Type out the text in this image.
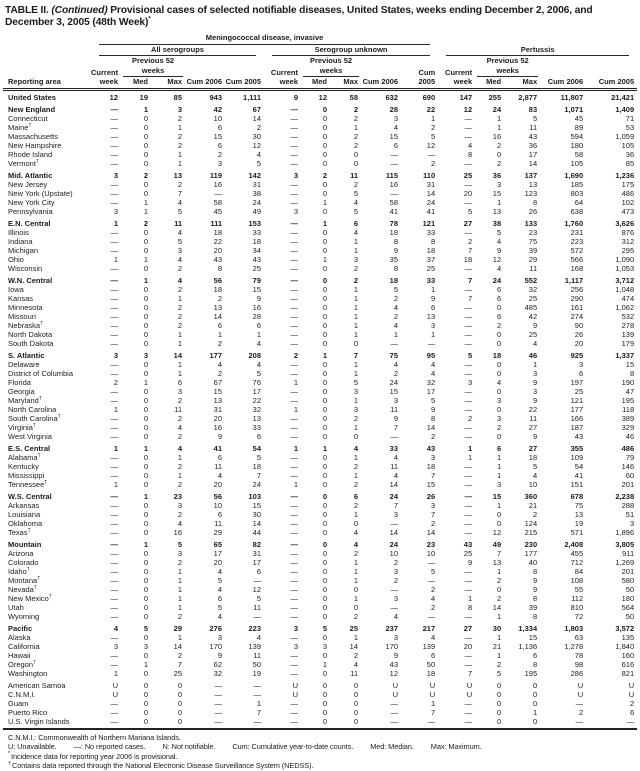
TABLE II. (Continued) Provisional cases of selected notifiable diseases, United States, weeks ending December 2, 2006, and December 3, 2005 (48th Week)*
Reporting area	Meningococcal disease, invasive														

	All serogroups					Serogroup unknown					Pertussis				

	Current week	Previous 52 weeks		Cum 2006	Cum 2005	Current week	Previous 52 weeks		Cum 2006	Cum 2005	Current week	Previous 52 weeks		Cum 2006	Cum 2005
		Med	Max				Med	Max				Med	Max		
United States	12	19	85	943	1,111	9	12	58	632	690	147	255	2,877	11,807	21,421
New England	—	1	3	42	67	—	0	2	28	22	12	24	83	1,071	1,409
Connecticut	—	0	2	10	14	—	0	2	3	1	—	1	5	45	71
Maine†	—	0	1	6	2	—	0	1	4	2	—	1	11	89	53
Massachusetts	—	0	2	15	30	—	0	2	15	5	—	16	43	594	1,059
New Hampshire	—	0	2	6	12	—	0	2	6	12	4	2	36	180	105
Rhode Island	—	0	1	2	4	—	0	0	—	—	8	0	17	58	36
Vermont†	—	0	1	3	5	—	0	0	—	2	—	2	14	105	85
Mid. Atlantic	3	2	13	119	142	3	2	11	115	110	25	36	137	1,690	1,236
New Jersey	—	0	2	16	31	—	0	2	16	31	—	3	13	185	175
New York (Upstate)	—	0	7	—	38	—	0	5	—	14	20	15	123	803	486
New York City	—	1	4	58	24	—	1	4	58	24	—	1	8	64	102
Pennsylvania	3	1	5	45	49	3	0	5	41	41	5	13	26	638	473
E.N. Central	1	2	11	111	153	—	1	6	78	121	27	38	133	1,760	3,626
Illinois	—	0	4	18	33	—	0	4	18	33	—	5	23	231	876
Indiana	—	0	5	22	18	—	0	1	8	8	2	4	75	223	312
Michigan	—	0	3	20	34	—	0	1	9	18	7	9	39	572	295
Ohio	1	1	4	43	43	—	1	3	35	37	18	12	29	566	1,090
Wisconsin	—	0	2	8	25	—	0	2	8	25	—	4	11	168	1,053
W.N. Central	—	1	4	56	79	—	0	2	18	33	7	24	552	1,117	3,712
Iowa	—	0	2	18	15	—	0	1	5	1	—	6	32	256	1,048
Kansas	—	0	1	2	9	—	0	1	2	9	7	6	25	290	474
Minnesota	—	0	2	13	16	—	0	1	4	6	—	0	485	161	1,062
Missouri	—	0	2	14	28	—	0	1	2	13	—	6	42	274	532
Nebraska†	—	0	2	6	6	—	0	1	4	3	—	2	9	90	278
North Dakota	—	0	1	1	1	—	0	1	1	1	—	0	25	26	139
South Dakota	—	0	1	2	4	—	0	0	—	—	—	0	4	20	179
S. Atlantic	3	3	14	177	208	2	1	7	75	95	5	18	46	925	1,337
Delaware	—	0	1	4	4	—	0	1	4	4	—	0	1	3	15
District of Columbia	—	0	1	2	5	—	0	1	2	4	—	0	3	6	8
Florida	2	1	6	67	76	1	0	5	24	32	3	4	9	197	190
Georgia	—	0	3	15	17	—	0	3	15	17	—	0	3	25	47
Maryland†	—	0	2	13	22	—	0	1	3	5	—	3	9	121	195
North Carolina	1	0	11	31	32	1	0	3	11	9	—	0	22	177	118
South Carolina†	—	0	2	20	13	—	0	2	9	8	2	3	11	166	389
Virginia†	—	0	4	16	33	—	0	1	7	14	—	2	27	187	329
West Virginia	—	0	2	9	6	—	0	0	—	2	—	0	9	43	46
E.S. Central	1	1	4	41	54	1	1	4	33	43	1	6	27	355	486
Alabama†	—	0	1	6	5	—	0	1	4	3	1	1	18	109	79
Kentucky	—	0	2	11	18	—	0	2	11	18	—	1	5	54	146
Mississippi	—	0	1	4	7	—	0	1	4	7	—	1	4	41	60
Tennessee†	1	0	2	20	24	1	0	2	14	15	—	3	10	151	201
W.S. Central	—	1	23	56	103	—	0	6	24	26	—	15	360	678	2,238
Arkansas	—	0	3	10	15	—	0	2	7	3	—	1	21	75	288
Louisiana	—	0	2	6	30	—	0	1	3	7	—	0	2	13	51
Oklahoma	—	0	4	11	14	—	0	0	—	2	—	0	124	19	3
Texas†	—	0	16	29	44	—	0	4	14	14	—	12	215	571	1,896
Mountain	—	1	5	65	82	—	0	4	24	23	43	49	230	2,408	3,805
Arizona	—	0	3	17	31	—	0	2	10	10	25	7	177	455	911
Colorado	—	0	2	20	17	—	0	1	2	—	9	13	40	712	1,269
Idaho†	—	0	1	4	6	—	0	1	3	5	—	1	8	84	201
Montana†	—	0	1	5	—	—	0	1	2	—	—	2	9	108	580
Nevada†	—	0	1	4	12	—	0	0	—	2	—	0	9	55	50
New Mexico†	—	0	1	6	5	—	0	1	3	4	1	2	8	112	180
Utah	—	0	1	5	11	—	0	0	—	2	8	14	39	810	564
Wyoming	—	0	2	4	—	—	0	2	4	—	—	1	8	72	50
Pacific	4	5	29	276	223	3	5	25	237	217	27	30	1,334	1,803	3,572
Alaska	—	0	1	3	4	—	0	1	3	4	—	1	15	63	135
California	3	3	14	170	139	3	3	14	170	139	20	21	1,136	1,278	1,840
Hawaii	—	0	2	9	11	—	0	2	9	6	—	1	6	78	160
Oregon†	—	1	7	62	50	—	1	4	43	50	—	2	8	98	616
Washington	1	0	25	32	19	—	0	11	12	18	7	5	195	286	821
American Samoa	U	0	0	—	—	U	0	0	U	U	U	0	0	U	U
C.N.M.I.	U	0	0	—	—	U	0	0	U	U	U	0	0	U	U
Guam	—	0	0	—	1	—	0	0	—	1	—	0	0	—	2
Puerto Rico	—	0	0	—	7	—	0	0	—	7	—	0	1	2	6
U.S. Virgin Islands	—	0	0	—	—	—	0	0	—	—	—	0	0	—	—
C.N.M.I.: Commonwealth of Northern Mariana Islands.
U: Unavailable. —: No reported cases. N: Not notifiable. Cum: Cumulative year-to-date counts. Med: Median. Max: Maximum.
*Incidence data for reporting year 2006 is provisional.
†Contains data reported through the National Electronic Disease Surveillance System (NEDSS).
